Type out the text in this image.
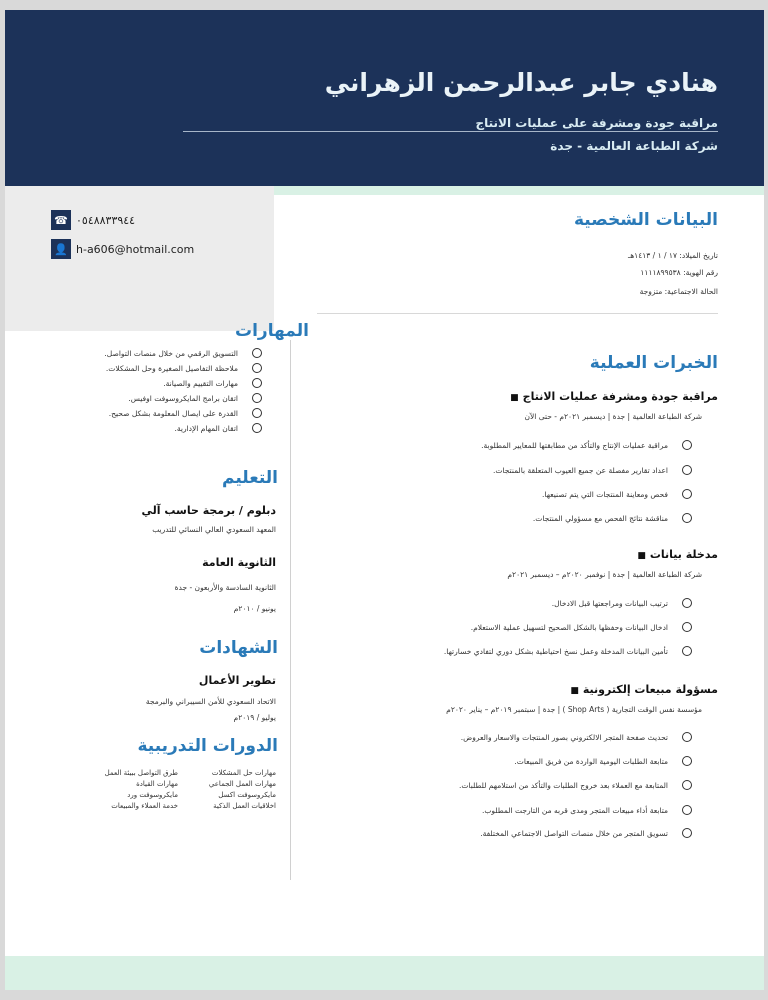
هنادي جابر عبدالرحمن الزهراني
مراقبة جودة ومشرفة على عمليات الانتاج
شركة الطباعة العالمية - جدة
☎ ٠٥٤٨٨٣٣٩٤٤
👤 h-a606@hotmail.com
البيانات الشخصية
تاريخ الميلاد: ١٧ / ١ / ١٤١٣هـ
رقم الهوية: ١١١١٨٩٩٥٣٨
الحالة الاجتماعية: متزوجة
الخبرات العملية
مراقبة جودة ومشرفة عمليات الانتاج ■
شركة الطباعة العالمية | جدة | ديسمبر ٢٠٢١م - حتى الآن
مراقبة عمليات الإنتاج والتأكد من مطابقتها للمعايير المطلوبة.
اعداد تقارير مفصلة عن جميع العيوب المتعلقة بالمنتجات.
فحص ومعاينة المنتجات التي يتم تصنيعها.
مناقشة نتائج الفحص مع مسؤولي المنتجات.
مدخلة بيانات ■
شركة الطباعة العالمية | جدة | نوفمبر ٢٠٢٠م – ديسمبر ٢٠٢١م
ترتيب البيانات ومراجعتها قبل الادخال.
ادخال البيانات وحفظها بالشكل الصحيح لتسهيل عملية الاستعلام.
تأمين البيانات المدخلة وعمل نسخ احتياطية بشكل دوري لتفادي خسارتها.
مسؤولة مبيعات إلكترونية ■
مؤسسة نفس الوقت التجارية ( Shop Arts ) | جدة | سبتمبر ٢٠١٩م – يناير ٢٠٢٠م
تحديث صفحة المتجر الالكتروني بصور المنتجات والاسعار والعروض.
متابعة الطلبات اليومية الواردة من فريق المبيعات.
المتابعة مع العملاء بعد خروج الطلبات والتأكد من استلامهم للطلبات.
متابعة أداء مبيعات المتجر ومدى قربه من التارجت المطلوب.
تسويق المتجر من خلال منصات التواصل الاجتماعي المختلفة.
المهارات
التسويق الرقمي من خلال منصات التواصل.
ملاحظة التفاصيل الصغيرة وحل المشكلات.
مهارات التقييم والصيانة.
اتقان برامج المايكروسوفت اوفيس.
القدرة على ايصال المعلومة بشكل صحيح.
اتقان المهام الإدارية.
التعليم
دبلوم / برمجة حاسب آلي
المعهد السعودي العالي النسائي للتدريب
الثانوية العامة
الثانوية السادسة والأربعون - جدة
يونيو / ٢٠١٠م
الشهادات
تطوير الأعمال
الاتحاد السعودي للأمن السيبراني والبرمجة
يوليو / ٢٠١٩م
الدورات التدريبية
مهارات حل المشكلات
مهارات العمل الجماعي
مايكروسوفت اكسل
اخلاقيات العمل الذكية
طرق التواصل ببيئة العمل
مهارات القيادة
مايكروسوفت ورد
خدمة العملاء والمبيعات
